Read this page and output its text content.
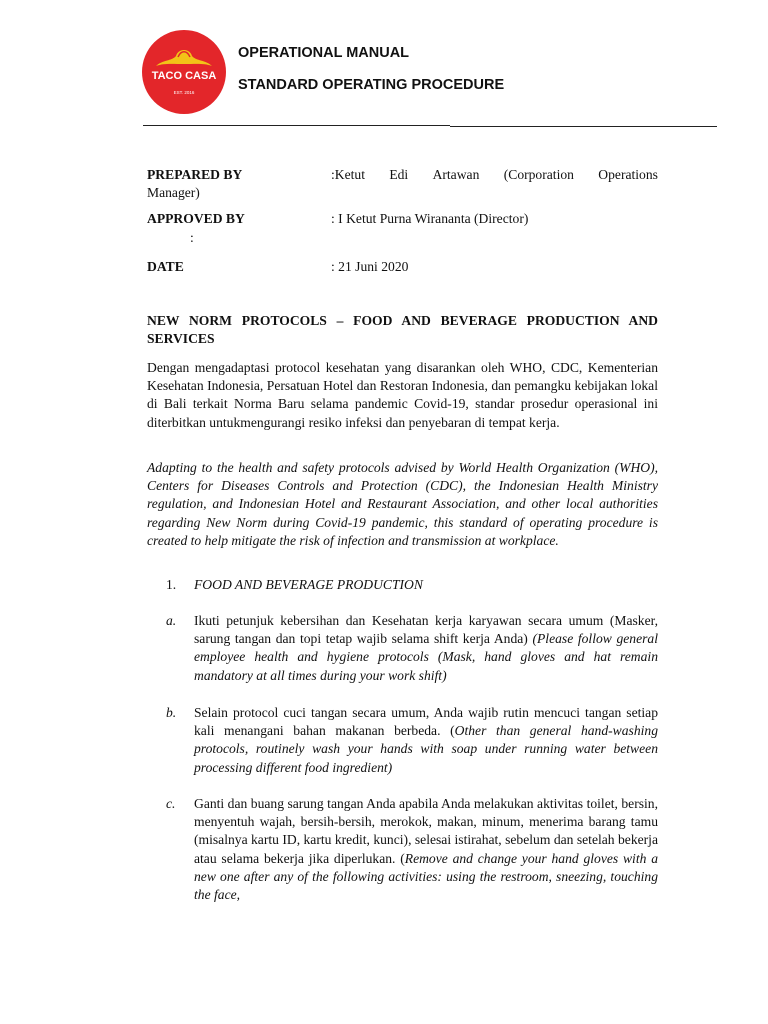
TACO CASA
EST. 2016
OPERATIONAL MANUAL
STANDARD OPERATING PROCEDURE
PREPARED BY	:Ketut Edi Artawan (Corporation Operations
Manager)
APPROVED BY	: I Ketut Purna Wirananta (Director)
:
DATE	: 21 Juni 2020
NEW NORM PROTOCOLS – FOOD AND BEVERAGE PRODUCTION AND SERVICES

Dengan mengadaptasi protocol kesehatan yang disarankan oleh WHO, CDC, Kementerian Kesehatan Indonesia, Persatuan Hotel dan Restoran Indonesia, dan pemangku kebijakan lokal di Bali terkait Norma Baru selama pandemic Covid-19, standar prosedur operasional ini diterbitkan untukmengurangi resiko infeksi dan penyebaran di tempat kerja.

Adapting to the health and safety protocols advised by World Health Organization (WHO), Centers for Diseases Controls and Protection (CDC), the Indonesian Health Ministry regulation, and Indonesian Hotel and Restaurant Association, and other local authorities regarding New Norm during Covid-19 pandemic, this standard of operating procedure is created to help mitigate the risk of infection and transmission at workplace.

1. FOOD AND BEVERAGE PRODUCTION
a. Ikuti petunjuk kebersihan dan Kesehatan kerja karyawan secara umum (Masker, sarung tangan dan topi tetap wajib selama shift kerja Anda) (Please follow general employee health and hygiene protocols (Mask, hand gloves and hat remain mandatory at all times during your work shift)
b. Selain protocol cuci tangan secara umum, Anda wajib rutin mencuci tangan setiap kali menangani bahan makanan berbeda. (Other than general hand-washing protocols, routinely wash your hands with soap under running water between processing different food ingredient)
c. Ganti dan buang sarung tangan Anda apabila Anda melakukan aktivitas toilet, bersin, menyentuh wajah, bersih-bersih, merokok, makan, minum, menerima barang tamu (misalnya kartu ID, kartu kredit, kunci), selesai istirahat, sebelum dan setelah bekerja atau selama bekerja jika diperlukan. (Remove and change your hand gloves with a new one after any of the following activities: using the restroom, sneezing, touching the face,
